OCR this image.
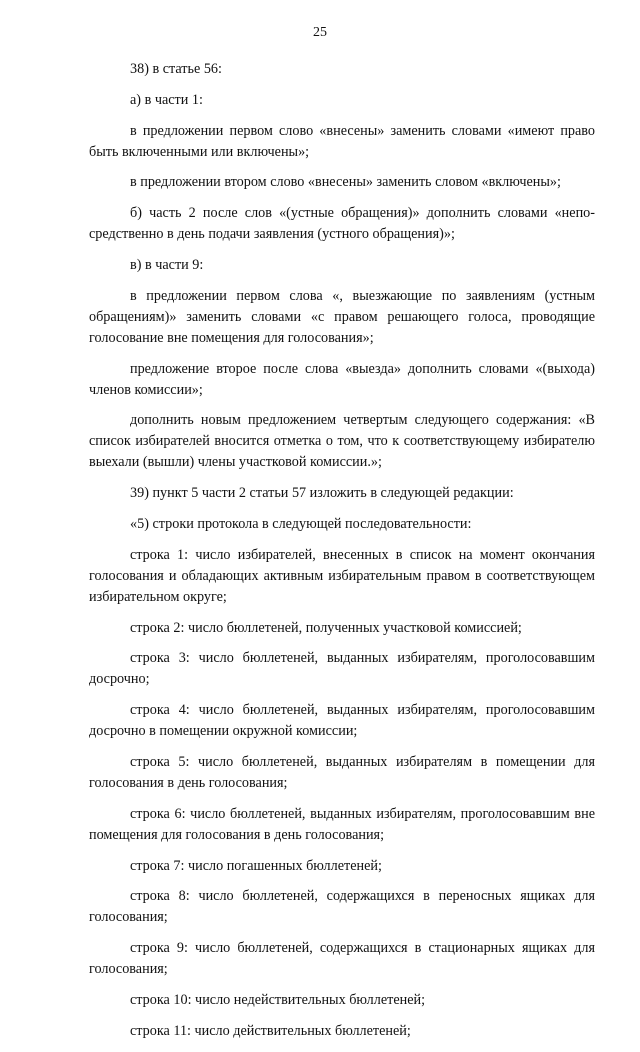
25

38) в статье 56:

а) в части 1:

в предложении первом слово «внесены» заменить словами «имеют право быть включенными или включены»;

в предложении втором слово «внесены» заменить словом «включены»;

б) часть 2 после слов «(устные обращения)» дополнить словами «непосредственно в день подачи заявления (устного обращения)»;

в) в части 9:

в предложении первом слова «, выезжающие по заявлениям (устным обращениям)» заменить словами «с правом решающего голоса, проводящие голосование вне помещения для голосования»;

предложение второе после слова «выезда» дополнить словами «(выхода) членов комиссии»;

дополнить новым предложением четвертым следующего содержания: «В список избирателей вносится отметка о том, что к соответствующему избирателю выехали (вышли) члены участковой комиссии.»;

39) пункт 5 части 2 статьи 57 изложить в следующей редакции:

«5) строки протокола в следующей последовательности:

строка 1: число избирателей, внесенных в список на момент окончания голосования и обладающих активным избирательным правом в соответствующем избирательном округе;

строка 2: число бюллетеней, полученных участковой комиссией;

строка 3: число бюллетеней, выданных избирателям, проголосовавшим досрочно;

строка 4: число бюллетеней, выданных избирателям, проголосовавшим досрочно в помещении окружной комиссии;

строка 5: число бюллетеней, выданных избирателям в помещении для голосования в день голосования;

строка 6: число бюллетеней, выданных избирателям, проголосовавшим вне помещения для голосования в день голосования;

строка 7: число погашенных бюллетеней;

строка 8: число бюллетеней, содержащихся в переносных ящиках для голосования;

строка 9: число бюллетеней, содержащихся в стационарных ящиках для голосования;

строка 10: число недействительных бюллетеней;

строка 11: число действительных бюллетеней;
